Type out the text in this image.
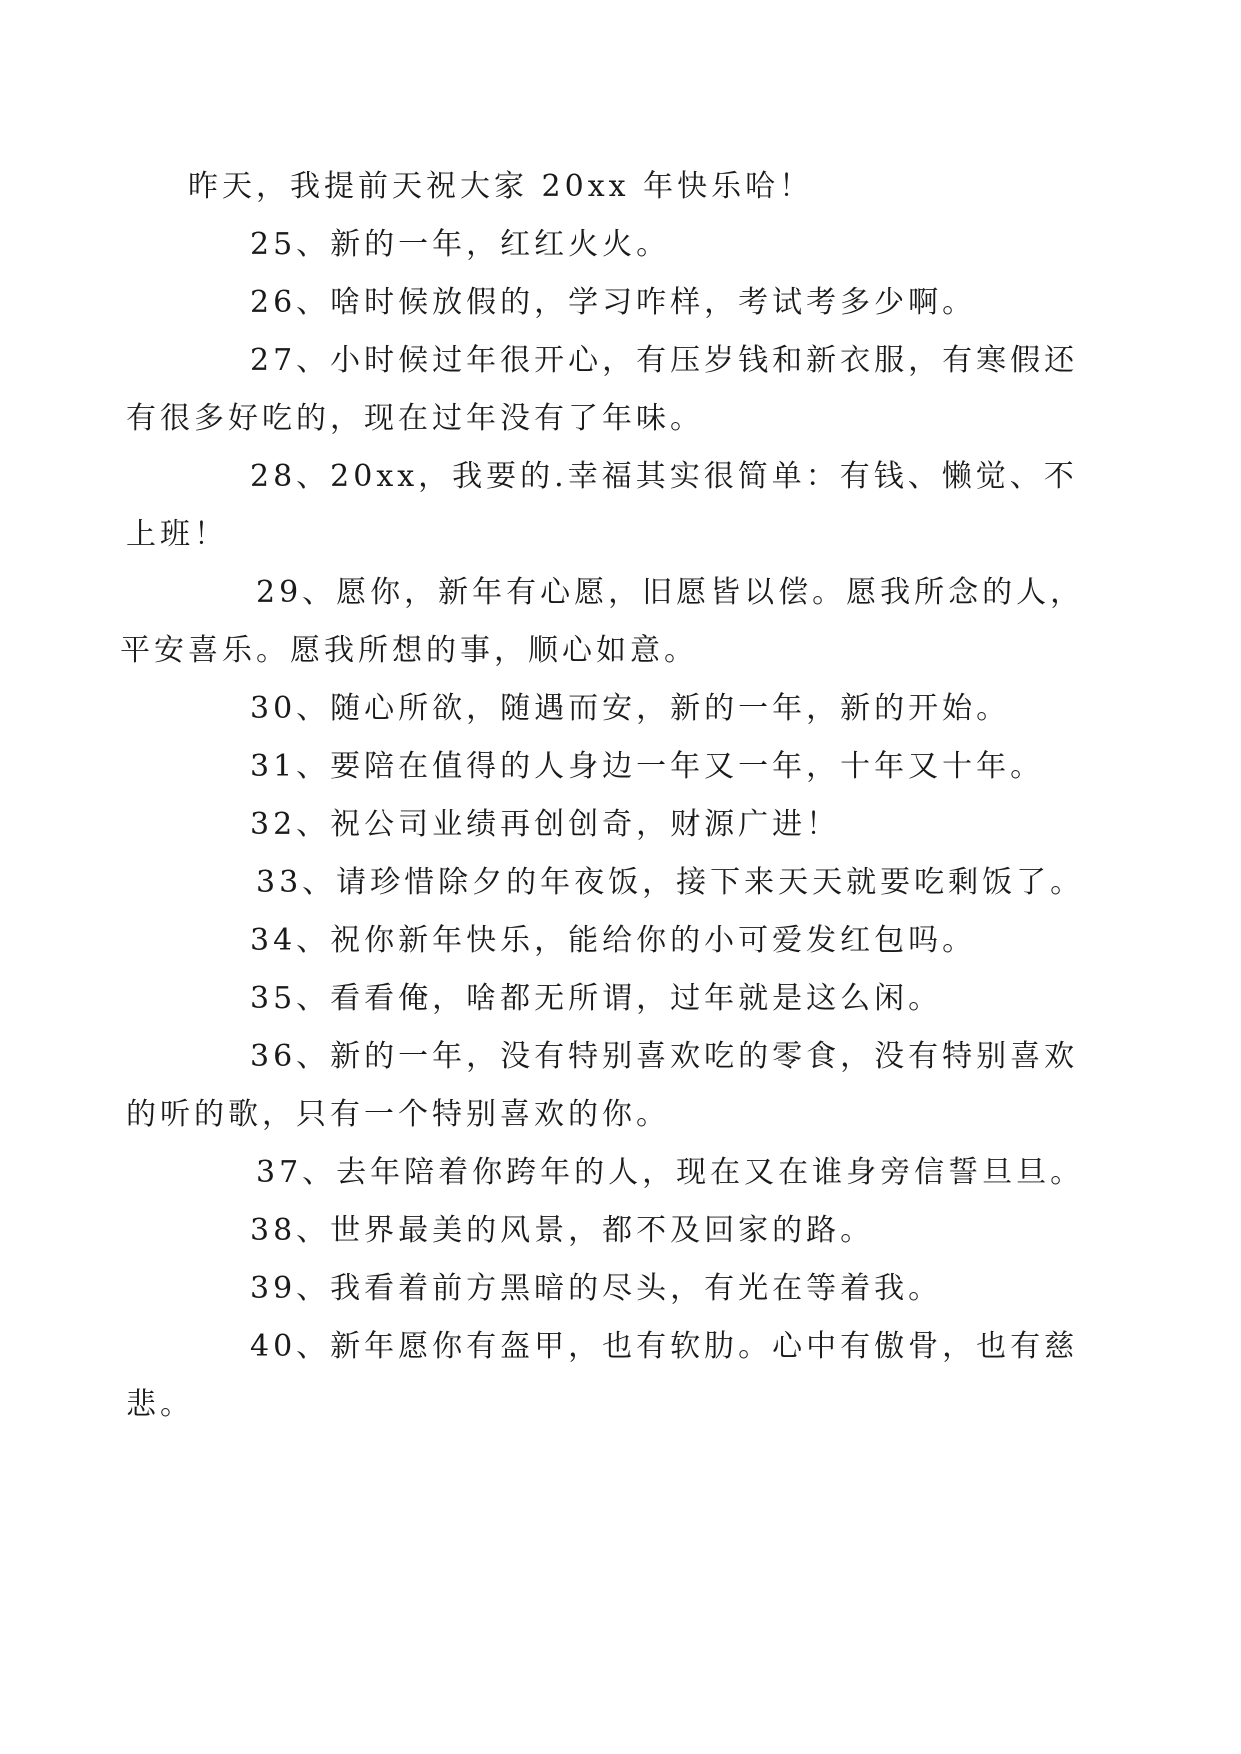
昨天，我提前天祝大家 20xx 年快乐哈！

25、新的一年，红红火火。

26、啥时候放假的，学习咋样，考试考多少啊。

27、小时候过年很开心，有压岁钱和新衣服，有寒假还
有很多好吃的，现在过年没有了年味。

28、20xx，我要的.幸福其实很简单：有钱、懒觉、不
上班！

29、愿你，新年有心愿，旧愿皆以偿。愿我所念的人，
平安喜乐。愿我所想的事，顺心如意。

30、随心所欲，随遇而安，新的一年，新的开始。

31、要陪在值得的人身边一年又一年，十年又十年。

32、祝公司业绩再创创奇，财源广进！

33、请珍惜除夕的年夜饭，接下来天天就要吃剩饭了。

34、祝你新年快乐，能给你的小可爱发红包吗。

35、看看俺，啥都无所谓，过年就是这么闲。

36、新的一年，没有特别喜欢吃的零食，没有特别喜欢
的听的歌，只有一个特别喜欢的你。

37、去年陪着你跨年的人，现在又在谁身旁信誓旦旦。

38、世界最美的风景，都不及回家的路。

39、我看着前方黑暗的尽头，有光在等着我。

40、新年愿你有盔甲，也有软肋。心中有傲骨，也有慈
悲。
